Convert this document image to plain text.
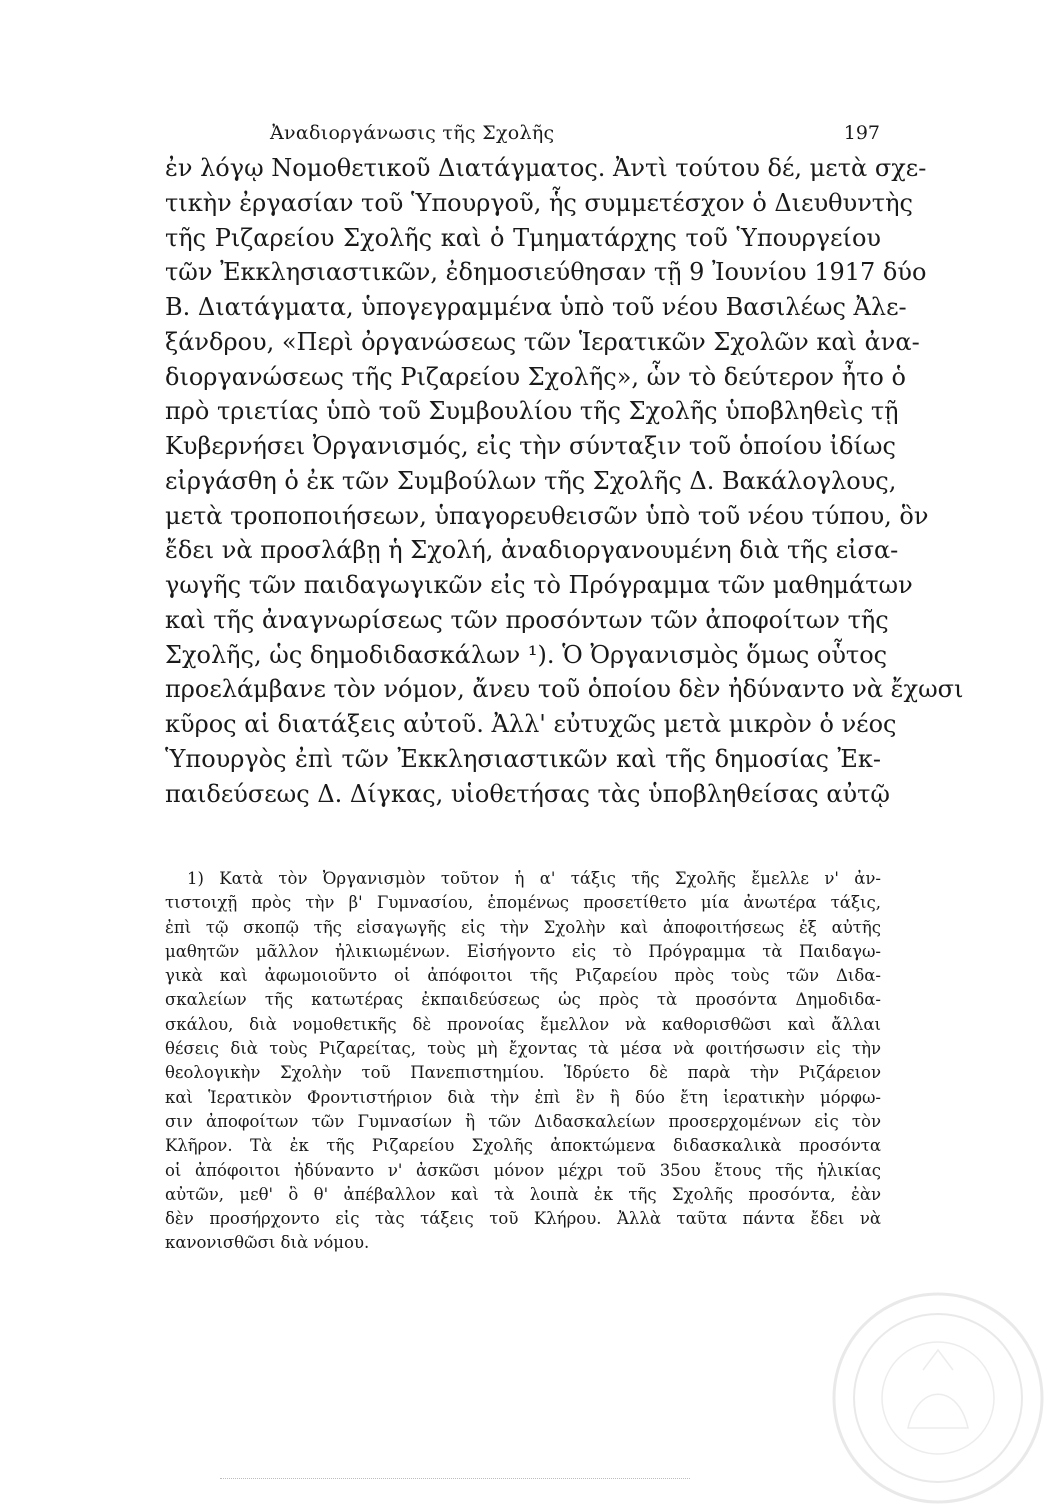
Ἀναδιοργάνωσις τῆς Σχολῆς	197
ἐν λόγῳ Νομοθετικοῦ Διατάγματος. Ἀντὶ τούτου δέ, μετὰ σχε-
τικὴν ἐργασίαν τοῦ Ὑπουργοῦ, ἧς συμμετέσχον ὁ Διευθυντὴς
τῆς Ριζαρείου Σχολῆς καὶ ὁ Τμηματάρχης τοῦ Ὑπουργείου
τῶν Ἐκκλησιαστικῶν, ἐδημοσιεύθησαν τῇ 9 Ἰουνίου 1917 δύο
Β. Διατάγματα, ὑπογεγραμμένα ὑπὸ τοῦ νέου Βασιλέως Ἀλε-
ξάνδρου, «Περὶ ὀργανώσεως τῶν Ἱερατικῶν Σχολῶν καὶ ἀνα-
διοργανώσεως τῆς Ριζαρείου Σχολῆς», ὧν τὸ δεύτερον ἦτο ὁ
πρὸ τριετίας ὑπὸ τοῦ Συμβουλίου τῆς Σχολῆς ὑποβληθεὶς τῇ
Κυβερνήσει Ὀργανισμός, εἰς τὴν σύνταξιν τοῦ ὁποίου ἰδίως
εἰργάσθη ὁ ἐκ τῶν Συμβούλων τῆς Σχολῆς Δ. Βακάλογλους,
μετὰ τροποποιήσεων, ὑπαγορευθεισῶν ὑπὸ τοῦ νέου τύπου, ὃν
ἔδει νὰ προσλάβῃ ἡ Σχολή, ἀναδιοργανουμένη διὰ τῆς εἰσα-
γωγῆς τῶν παιδαγωγικῶν εἰς τὸ Πρόγραμμα τῶν μαθημάτων
καὶ τῆς ἀναγνωρίσεως τῶν προσόντων τῶν ἀποφοίτων τῆς
Σχολῆς, ὡς δημοδιδασκάλων ¹). Ὁ Ὀργανισμὸς ὅμως οὗτος
προελάμβανε τὸν νόμον, ἄνευ τοῦ ὁποίου δὲν ἠδύναντο νὰ ἔχωσι
κῦρος αἱ διατάξεις αὐτοῦ. Ἀλλ' εὐτυχῶς μετὰ μικρὸν ὁ νέος
Ὑπουργὸς ἐπὶ τῶν Ἐκκλησιαστικῶν καὶ τῆς δημοσίας Ἐκ-
παιδεύσεως Δ. Δίγκας, υἱοθετήσας τὰς ὑποβληθείσας αὐτῷ
1) Κατὰ τὸν Ὀργανισμὸν τοῦτον ἡ α' τάξις τῆς Σχολῆς ἔμελλε ν' ἀν-
τιστοιχῇ πρὸς τὴν β' Γυμνασίου, ἑπομένως προσετίθετο μία ἀνωτέρα τάξις,
ἐπὶ τῷ σκοπῷ τῆς εἰσαγωγῆς εἰς τὴν Σχολὴν καὶ ἀποφοιτήσεως ἐξ αὐτῆς
μαθητῶν μᾶλλον ἠλικιωμένων. Εἰσήγοντο εἰς τὸ Πρόγραμμα τὰ Παιδαγω-
γικὰ καὶ ἀφωμοιοῦντο οἱ ἀπόφοιτοι τῆς Ριζαρείου πρὸς τοὺς τῶν Διδα-
σκαλείων τῆς κατωτέρας ἐκπαιδεύσεως ὡς πρὸς τὰ προσόντα Δημοδιδα-
σκάλου, διὰ νομοθετικῆς δὲ προνοίας ἔμελλον νὰ καθορισθῶσι καὶ ἄλλαι
θέσεις διὰ τοὺς Ριζαρείτας, τοὺς μὴ ἔχοντας τὰ μέσα νὰ φοιτήσωσιν εἰς τὴν
θεολογικὴν Σχολὴν τοῦ Πανεπιστημίου. Ἱδρύετο δὲ παρὰ τὴν Ριζάρειον
καὶ Ἱερατικὸν Φροντιστήριον διὰ τὴν ἐπὶ ἓν ἢ δύο ἔτη ἱερατικὴν μόρφω-
σιν ἀποφοίτων τῶν Γυμνασίων ἢ τῶν Διδασκαλείων προσερχομένων εἰς τὸν
Κλῆρον. Τὰ ἐκ τῆς Ριζαρείου Σχολῆς ἀποκτώμενα διδασκαλικὰ προσόντα
οἱ ἀπόφοιτοι ἠδύναντο ν' ἀσκῶσι μόνον μέχρι τοῦ 35ου ἔτους τῆς ἡλικίας
αὐτῶν, μεθ' ὃ θ' ἀπέβαλλον καὶ τὰ λοιπὰ ἐκ τῆς Σχολῆς προσόντα, ἐὰν
δὲν προσήρχοντο εἰς τὰς τάξεις τοῦ Κλήρου. Ἀλλὰ ταῦτα πάντα ἔδει νὰ
κανονισθῶσι διὰ νόμου.
